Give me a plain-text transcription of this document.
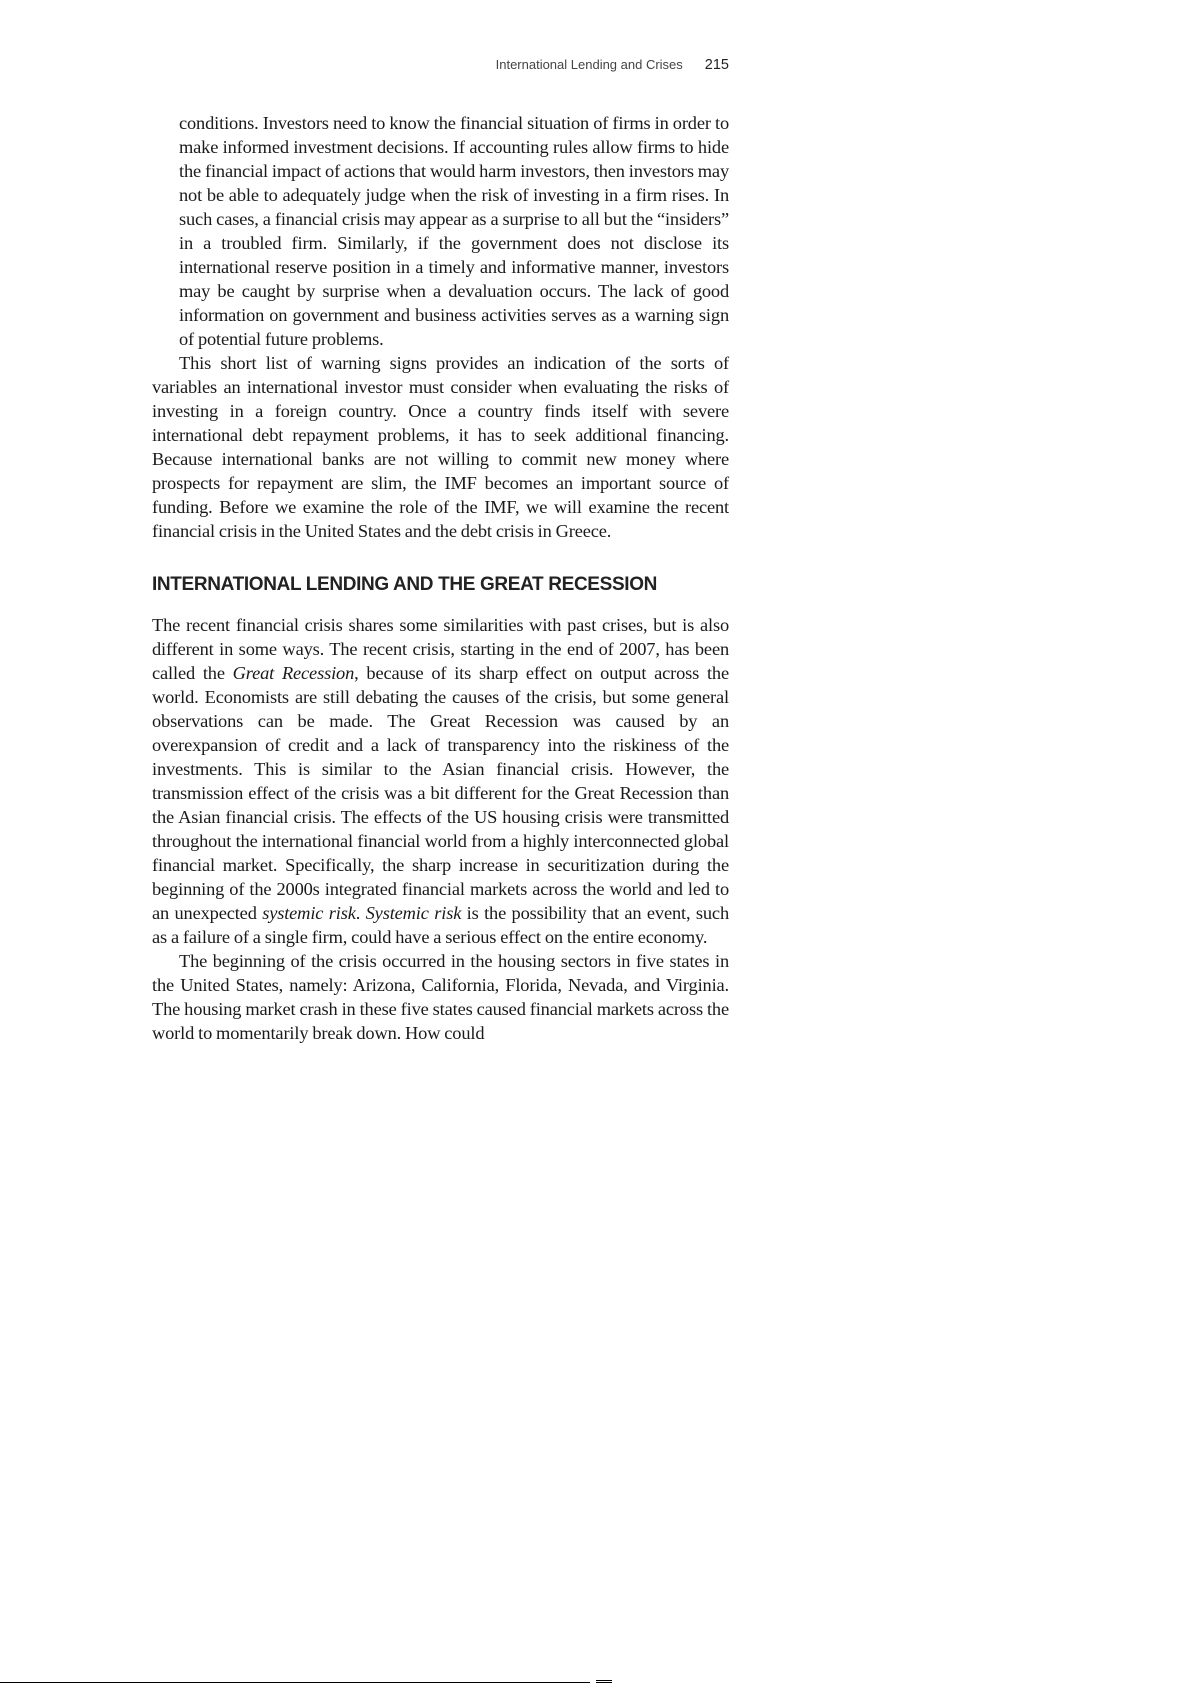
International Lending and Crises 215

conditions. Investors need to know the financial situation of firms in order to make informed investment decisions. If accounting rules allow firms to hide the financial impact of actions that would harm investors, then investors may not be able to adequately judge when the risk of investing in a firm rises. In such cases, a financial crisis may appear as a surprise to all but the “insiders” in a troubled firm. Similarly, if the government does not disclose its international reserve position in a timely and informative manner, investors may be caught by surprise when a devaluation occurs. The lack of good information on government and business activities serves as a warning sign of potential future problems.

This short list of warning signs provides an indication of the sorts of variables an international investor must consider when evaluating the risks of investing in a foreign country. Once a country finds itself with severe international debt repayment problems, it has to seek additional financing. Because international banks are not willing to commit new money where prospects for repayment are slim, the IMF becomes an important source of funding. Before we examine the role of the IMF, we will examine the recent financial crisis in the United States and the debt crisis in Greece.

INTERNATIONAL LENDING AND THE GREAT RECESSION

The recent financial crisis shares some similarities with past crises, but is also different in some ways. The recent crisis, starting in the end of 2007, has been called the Great Recession, because of its sharp effect on output across the world. Economists are still debating the causes of the crisis, but some general observations can be made. The Great Recession was caused by an overexpansion of credit and a lack of transparency into the riskiness of the investments. This is similar to the Asian financial crisis. However, the transmission effect of the crisis was a bit different for the Great Recession than the Asian financial crisis. The effects of the US housing crisis were transmitted throughout the international financial world from a highly interconnected global financial market. Specifically, the sharp increase in securitization during the beginning of the 2000s integrated financial markets across the world and led to an unexpected systemic risk. Systemic risk is the possibility that an event, such as a failure of a single firm, could have a serious effect on the entire economy.

The beginning of the crisis occurred in the housing sectors in five states in the United States, namely: Arizona, California, Florida, Nevada, and Virginia. The housing market crash in these five states caused financial markets across the world to momentarily break down. How could
